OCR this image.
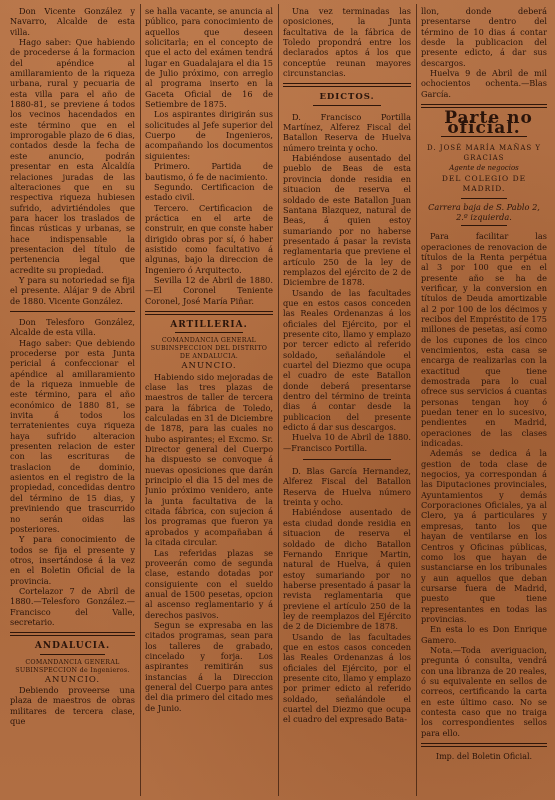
Don Vicente González y Navarro, Alcalde de esta villa.

Hago saber: Que habiendo de procederse á la formacion del apéndice al amillaramiento de la riqueza urbana, rural y pecuaria de esta villa para el año de 1880-81, se previene á todos los vecinos hacendados en este término que en el improrogable plazo de 6 dias, contados desde la fecha de este anuncio, podrán presentar en esta Alcaldía relaciones juradas de las alteraciones que en su respectiva riqueza hubiesen sufrido, advirtiéndoles que para hacer los traslados de fincas rústicas y urbanas, se hace indispensable la presentacion del título de pertenencia legal que acredite su propiedad.

Y para su notoriedad se fija el presente. Alájar 9 de Abril de 1880. Vicente González.

Don Telesforo González, Alcalde de esta villa.

Hago saber: Que debiendo procederse por esta Junta pericial á confeccionar el apéndice al amillaramiento de la riqueza inmueble de este término, para el año económico de 1880 81, se invita á todos los terratenientes cuya riqueza haya sufrido alteracion presenten relacion de ester con las escrituras de traslacion de dominio, asientos en el registro de la propiedad, concedidas dentro del término de 15 dias, y previniendo que trascurrido no serán oidas las posteriores.

Y para conocimiento de todos se fija el presente y otros, insertándose á la vez en el Boletin Oficial de la provincia.

Cortelazor 7 de Abril de 1880.—Telesforo González.—Francisco del Valle, secretario.

ANDALUCIA.

COMANDANCIA GENERAL SUBINSPECCION de Ingenieros.

ANUNCIO.

Debiendo proveerse una plaza de maestros de obras militares de tercera clase, que

se halla vacante, se anuncia al público, para conocimiento de aquellos que deseen solicitarla; en el concepto de que el acto del exámen tendrá lugar en Guadalajara el dia 15 de Julio próximo, con arreglo al programa inserto en la Gaceta Oficial de 16 de Setiembre de 1875.

Los aspirantes dirigirán sus solicitudes al Jefe superior del Cuerpo de Ingenieros, acompañando los documentos siguientes:

Primero. Partida de bautismo, ó fe de nacimiento.

Segundo. Certificacion de estado civil.

Tercero. Certificacion de práctica en el arte de construir, en que conste haber dirigido obras por sí, ó haber asistido como facultativo á algunas, bajo la direccion de Ingeniero ó Arquitecto.

Sevilla 12 de Abril de 1880.—El Coronel Teniente Coronel, José María Piñar.

ARTILLERIA.

COMANDANCIA GENERAL SUBINSPECCION DEL DISTRITO DE ANDALUCIA.

ANUNCIO.

Habiendo sido mejoradas de clase las tres plazas de maestros de taller de tercera para la fábrica de Toledo, calculadas en 31 de Diciembre de 1878, para las cuales no hubo aspirantes; el Excmo. Sr. Director general del Cuerpo ha dispuesto se convoque á nuevas oposiciones que darán principio el dia 15 del mes de Junio próximo venidero, ante la junta facultativa de la citada fábrica, con sujecion á los programas que fueron ya aprobados y acompañaban á la citada circular.

Las referidas plazas se proveerán como de segunda clase, estando dotadas por consiguiente con el sueldo anual de 1500 pesetas, opcion al ascenso reglamentario y á derechos pasivos.

Segun se expresaba en las citados programas, sean para los talleres de grabado, cincelado y forja. Los aspirantes remitirán sus instancias á la Direccion general del Cuerpo para antes del dia primero del citado mes de Junio.

Una vez terminadas las oposiciones, la Junta facultativa de la fábrica de Toledo propondrá entre los declarados aptos á los que conceptúe reunan mayores circunstancias.

EDICTOS.

D. Francisco Portilla Martínez, Alferez Fiscal del Batallon Reserva de Huelva número treinta y ocho.

Habiéndose ausentado del pueblo de Beas de esta provincia donde residia en situacion de reserva el soldado de este Batallon Juan Santana Blazquez, natural de Beas, á quien estoy sumariando por no haberse presentado á pasar la revista reglamentaria que previene el artículo 250 de la ley de remplazos del ejército de 2 de Diciembre de 1878.

Usando de las facultades que en estos casos conceden las Reales Ordenanzas á los oficiales del Ejército, por el presente cito, llamo y emplazo por tercer edicto al referido soldado, señalándole el cuartel del Diezmo que ocupa el cuadro de este Batallon donde deberá presentarse dentro del término de treinta dias á contar desde la publicacion del presente edicto á dar sus descargos.

Huelva 10 de Abril de 1880.—Francisco Portilla.

D. Blas García Hernandez, Alferez Fiscal del Batallon Reserva de Huelva número treinta y ocho.

Habiéndose ausentado de esta ciudad donde residia en situacion de reserva el soldado de dicho Batallon Fernando Enrique Martin, natural de Huelva, á quien estoy sumariando por no haberse presentado á pasar la revista reglamentaria que previene el artículo 250 de la ley de reemplazos del Ejército de 2 de Diciembre de 1878.

Usando de las facultades que en estos casos conceden las Reales Ordenanzas á los oficiales del Ejército, por el presente cito, llamo y emplazo por primer edicto al referido soldado, señalándole el cuartel del Diezmo que ocupa el cuadro del expresado Bata-

llon, donde deberá presentarse dentro del término de 10 dias á contar desde la publicacion del presente edicto, á dar sus descargos.

Huelva 9 de Abril de mil ochocientos ochenta.—Blas García.

Parte no oficial.

D. JOSÉ MARÍA MAÑAS Y GRACIAS

Agente de negocios

DEL COLEGIO DE MADRID.

Carrera baja de S. Pablo 2, 2.º izquierda.

Para facilitar las operaciones de renovacion de títulos de la Renta perpétua al 3 por 100 que en el presente año se ha de verificar, y la conversion en títulos de Deuda amortizable al 2 por 100 de los décimos y recibos del Empréstito de 175 millones de pesetas, así como de los cupones de los cinco vencimientos, esta casa se encarga de realizarlas con la exactitud que tiene demostrada para lo cual ofrece sus servicios á cuantas personas tengan hoy ó puedan tener en lo sucesivo, pendientes en Madrid, operaciones de las clases indicadas.

Además se dedica á la gestion de toda clase de negocios, ya correspondan á las Diputaciones provinciales, Ayuntamientos y demás Corporaciones Oficiales, ya al Clero, ya á particulares y empresas, tanto los que hayan de ventilarse en los Centros y Oficinas públicas, como los que hayan de sustanciarse en los tribunales y aun aquellos que deban cursarse fuera de Madrid, puesto que tiene representantes en todas las provincias.

En esta lo es Don Enrique Gamero.

Nota.—Toda averiguacion, pregunta ó consulta, vendrá con una libranza de 20 reales, ó su equivalente en sellos de correos, certificando la carta en este último caso. No se contesta caso que no traiga los correspondientes sellos para ello.

Imp. del Boletin Oficial.
